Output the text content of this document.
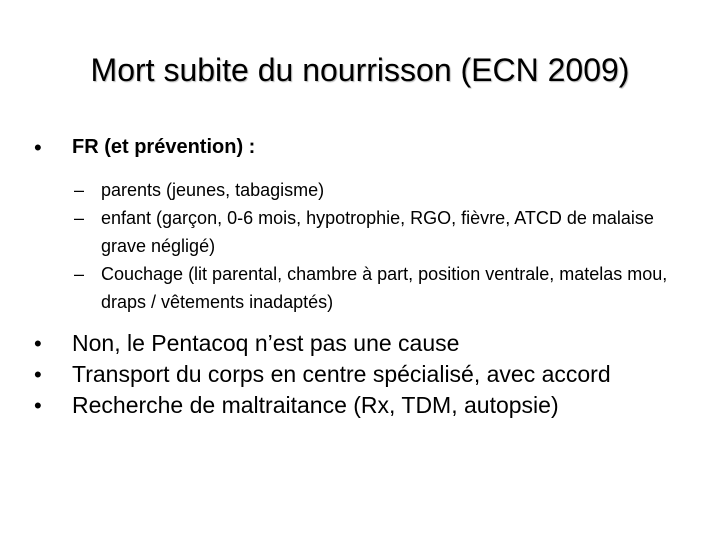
Mort subite du nourrisson (ECN 2009)
• FR (et prévention) :
– parents (jeunes, tabagisme)
– enfant (garçon, 0-6 mois, hypotrophie, RGO, fièvre, ATCD de malaise grave négligé)
– Couchage (lit parental, chambre à part, position ventrale, matelas mou, draps / vêtements inadaptés)
• Non, le Pentacoq n’est pas une cause
• Transport du corps en centre spécialisé, avec accord
• Recherche de maltraitance (Rx, TDM, autopsie)
